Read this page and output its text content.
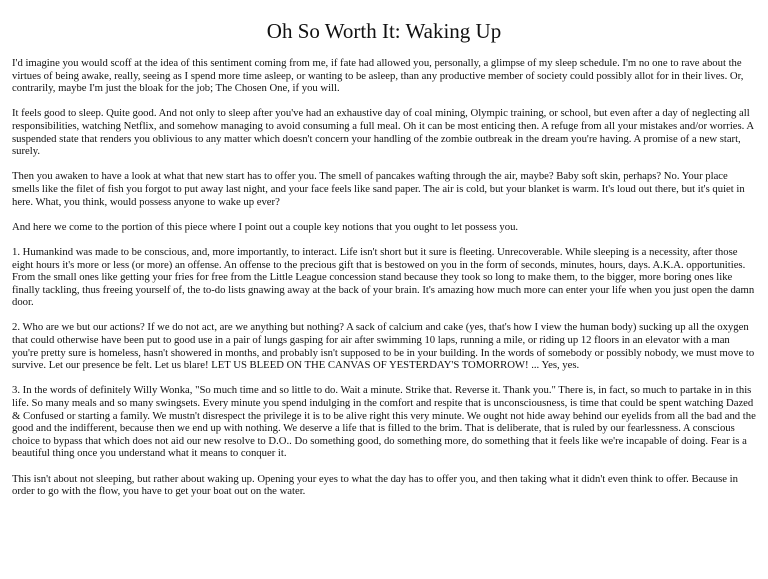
Oh So Worth It: Waking Up

I'd imagine you would scoff at the idea of this sentiment coming from me, if fate had allowed you, personally, a glimpse of my sleep schedule. I'm no one to rave about the virtues of being awake, really, seeing as I spend more time asleep, or wanting to be asleep, than any productive member of society could possibly allot for in their lives. Or, contrarily, maybe I'm just the bloak for the job; The Chosen One, if you will.

It feels good to sleep. Quite good. And not only to sleep after you've had an exhaustive day of coal mining, Olympic training, or school, but even after a day of neglecting all responsibilities, watching Netflix, and somehow managing to avoid consuming a full meal. Oh it can be most enticing then. A refuge from all your mistakes and/or worries. A suspended state that renders you oblivious to any matter which doesn't concern your handling of the zombie outbreak in the dream you're having. A promise of a new start, surely.

Then you awaken to have a look at what that new start has to offer you. The smell of pancakes wafting through the air, maybe? Baby soft skin, perhaps? No. Your place smells like the filet of fish you forgot to put away last night, and your face feels like sand paper. The air is cold, but your blanket is warm. It's loud out there, but it's quiet in here. What, you think, would possess anyone to wake up ever?

And here we come to the portion of this piece where I point out a couple key notions that you ought to let possess you.

1. Humankind was made to be conscious, and, more importantly, to interact. Life isn't short but it sure is fleeting. Unrecoverable. While sleeping is a necessity, after those eight hours it's more or less (or more) an offense. An offense to the precious gift that is bestowed on you in the form of seconds, minutes, hours, days. A.K.A. opportunities. From the small ones like getting your fries for free from the Little League concession stand because they took so long to make them, to the bigger, more boring ones like finally tackling, thus freeing yourself of, the to-do lists gnawing away at the back of your brain. It's amazing how much more can enter your life when you just open the damn door.

2. Who are we but our actions? If we do not act, are we anything but nothing? A sack of calcium and cake (yes, that's how I view the human body) sucking up all the oxygen that could otherwise have been put to good use in a pair of lungs gasping for air after swimming 10 laps, running a mile, or riding up 12 floors in an elevator with a man you're pretty sure is homeless, hasn't showered in months, and probably isn't supposed to be in your building. In the words of somebody or possibly nobody, we must move to survive. Let our presence be felt. Let us blare! LET US BLEED ON THE CANVAS OF YESTERDAY'S TOMORROW! ... Yes, yes.

3. In the words of definitely Willy Wonka, "So much time and so little to do. Wait a minute. Strike that. Reverse it. Thank you." There is, in fact, so much to partake in in this life. So many meals and so many swingsets. Every minute you spend indulging in the comfort and respite that is unconsciousness, is time that could be spent watching Dazed & Confused or starting a family. We mustn't disrespect the privilege it is to be alive right this very minute. We ought not hide away behind our eyelids from all the bad and the good and the indifferent, because then we end up with nothing. We deserve a life that is filled to the brim. That is deliberate, that is ruled by our fearlessness. A conscious choice to bypass that which does not aid our new resolve to D.O.. Do something good, do something more, do something that it feels like we're incapable of doing. Fear is a beautiful thing once you understand what it means to conquer it.

This isn't about not sleeping, but rather about waking up. Opening your eyes to what the day has to offer you, and then taking what it didn't even think to offer. Because in order to go with the flow, you have to get your boat out on the water.
